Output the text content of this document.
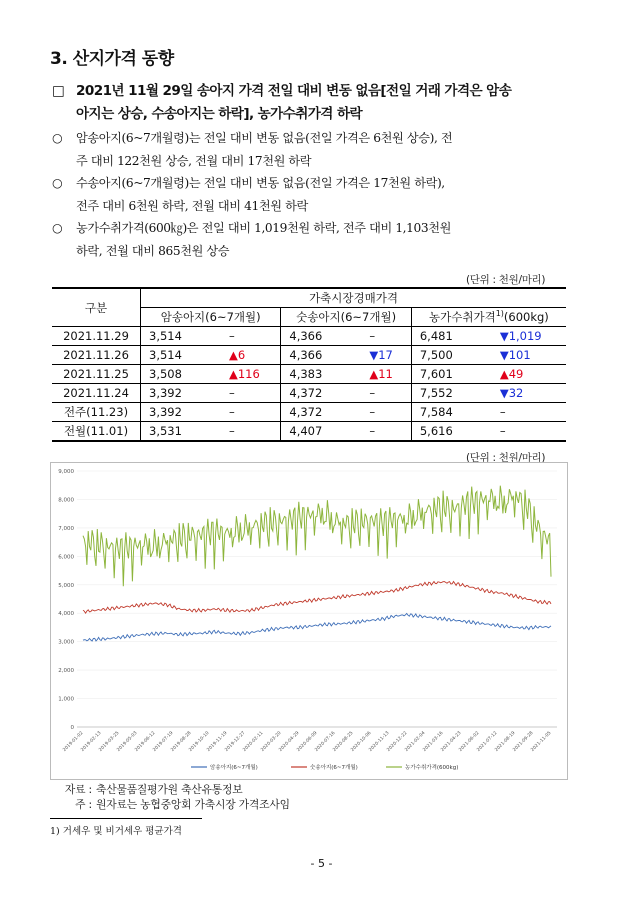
3. 산지가격 동향
□ 2021년 11월 29일 송아지 가격 전일 대비 변동 없음[전일 거래 가격은 암송
아지는 상승, 수송아지는 하락], 농가수취가격 하락
○ 암송아지(6~7개월령)는 전일 대비 변동 없음(전일 가격은 6천원 상승), 전
주 대비 122천원 상승, 전월 대비 17천원 하락
○ 수송아지(6~7개월령)는 전일 대비 변동 없음(전일 가격은 17천원 하락),
전주 대비 6천원 하락, 전월 대비 41천원 하락
○ 농가수취가격(600㎏)은 전일 대비 1,019천원 하락, 전주 대비 1,103천원
하락, 전월 대비 865천원 상승
(단위 : 천원/마리)
구분	가축시장경매가격					
	암송아지(6~7개월)		숫송아지(6~7개월)		농가수취가격$^{1)}$(600kg)	
2021.11.29	3,514	–	4,366	–	6,481	▼1,019
2021.11.26	3,514	▲6	4,366	▼17	7,500	▼101
2021.11.25	3,508	▲116	4,383	▲11	7,601	▲49
2021.11.24	3,392	–	4,372	–	7,552	▼32
전주(11.23)	3,392	–	4,372	–	7,584	–
전월(11.01)	3,531	–	4,407	–	5,616	–
(단위 : 천원/마리)
9,000
8,000
7,000
6,000
5,000
4,000
3,000
2,000
1,000
0
2019-01-02
2019-02-13
2019-03-25
2019-05-03
2019-06-12
2019-07-19
2019-08-28
2019-10-10
2019-11-19
2019-12-27
2020-02-11
2020-03-20
2020-04-29
2020-06-09
2020-07-16
2020-08-25
2020-10-06
2020-11-13
2020-12-22
2021-02-04
2021-03-16
2021-04-23
2021-06-02
2021-07-12
2021-08-19
2021-09-28
2021-11-05
암송아지(6~7개월)	숫송아지(6~7개월)	농가수취가격(600kg)
자료 : 축산물품질평가원 축산유통정보
주 : 원자료는 농협중앙회 가축시장 가격조사임
1) 거세우 및 비거세우 평균가격
- 5 -
